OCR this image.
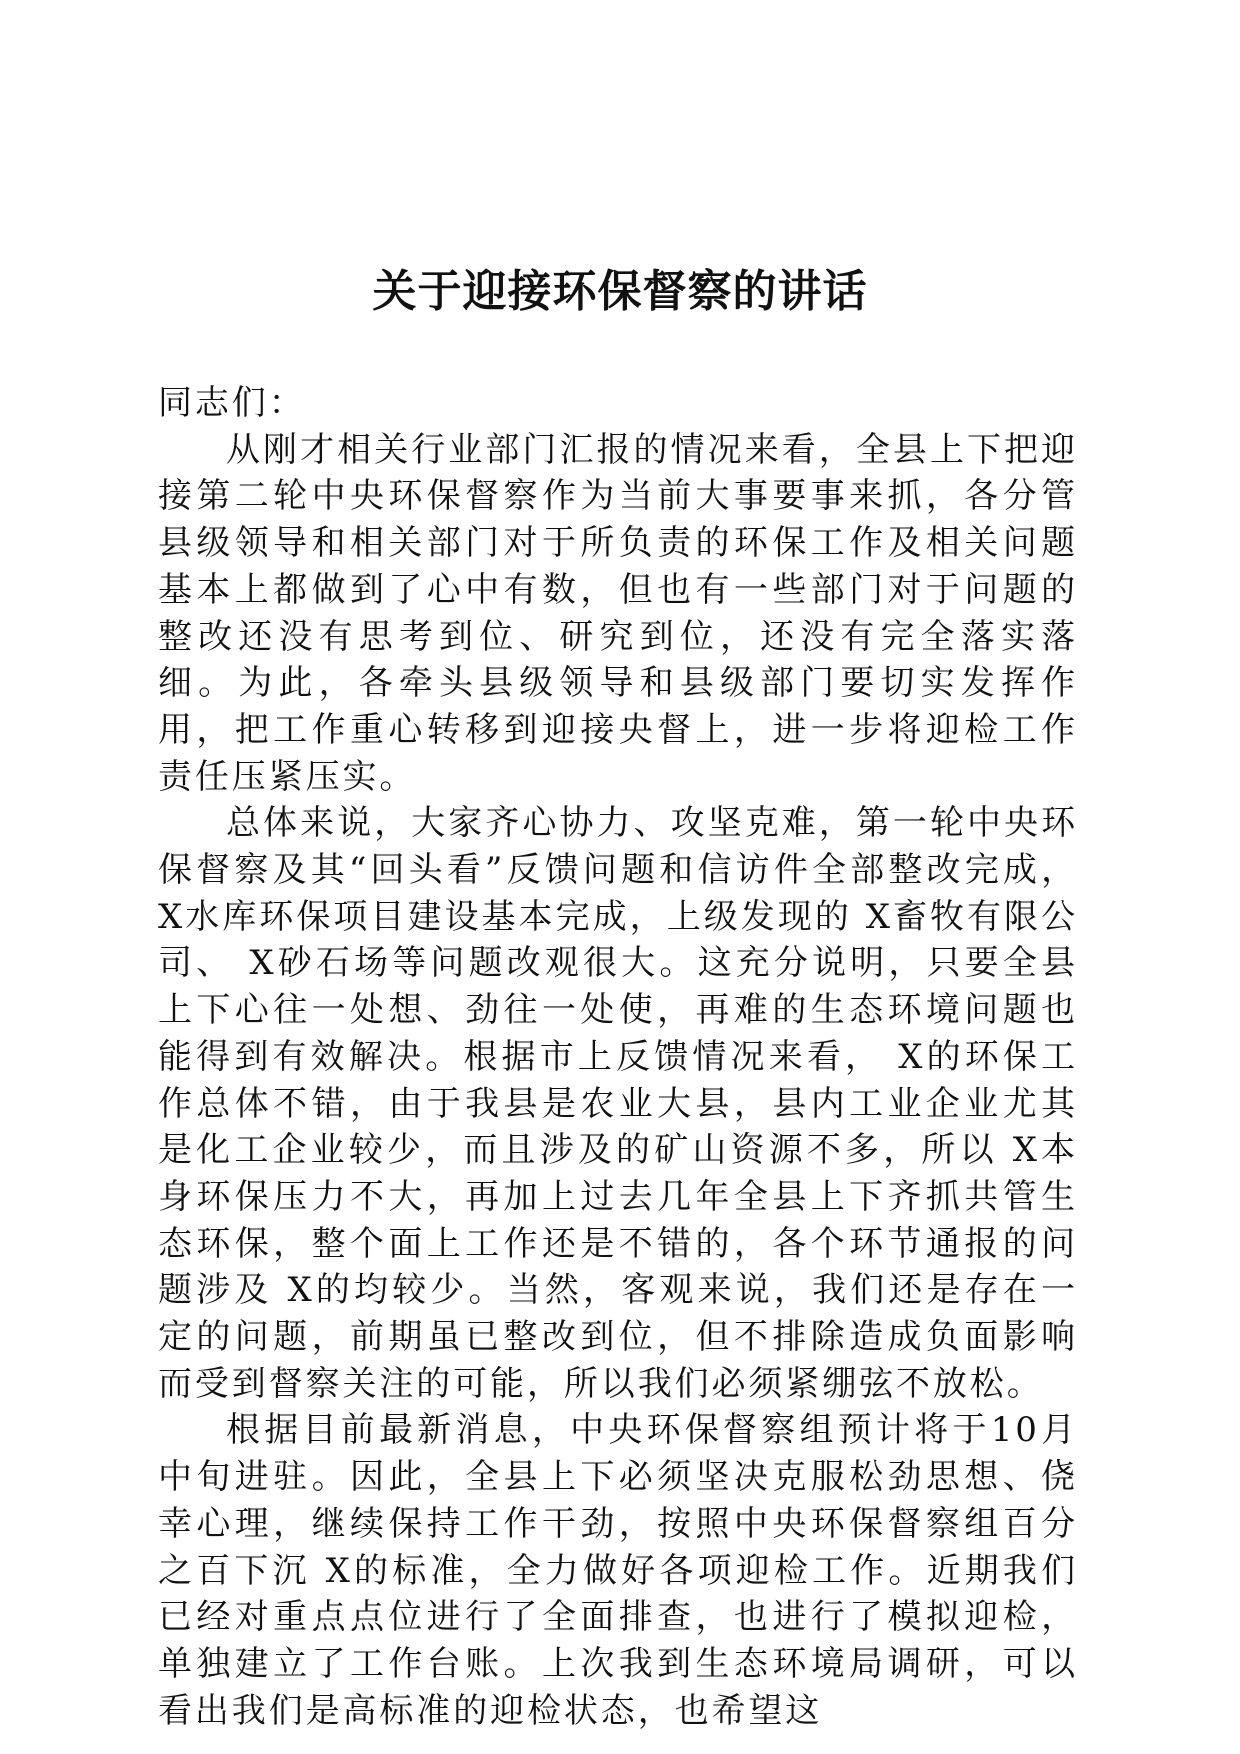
关于迎接环保督察的讲话

同志们：

从刚才相关行业部门汇报的情况来看，全县上下把迎接第二轮中央环保督察作为当前大事要事来抓，各分管县级领导和相关部门对于所负责的环保工作及相关问题基本上都做到了心中有数，但也有一些部门对于问题的整改还没有思考到位、研究到位，还没有完全落实落细。为此，各牵头县级领导和县级部门要切实发挥作用，把工作重心转移到迎接央督上，进一步将迎检工作责任压紧压实。

总体来说，大家齐心协力、攻坚克难，第一轮中央环保督察及其“回头看”反馈问题和信访件全部整改完成， X水库环保项目建设基本完成，上级发现的 X畜牧有限公司、 X砂石场等问题改观很大。这充分说明，只要全县上下心往一处想、劲往一处使，再难的生态环境问题也能得到有效解决。根据市上反馈情况来看， X的环保工作总体不错，由于我县是农业大县，县内工业企业尤其是化工企业较少，而且涉及的矿山资源不多，所以 X本身环保压力不大，再加上过去几年全县上下齐抓共管生态环保，整个面上工作还是不错的，各个环节通报的问题涉及 X的均较少。当然，客观来说，我们还是存在一定的问题，前期虽已整改到位，但不排除造成负面影响而受到督察关注的可能，所以我们必须紧绷弦不放松。

根据目前最新消息，中央环保督察组预计将于10月中旬进驻。因此，全县上下必须坚决克服松劲思想、侥幸心理，继续保持工作干劲，按照中央环保督察组百分之百下沉 X的标准，全力做好各项迎检工作。近期我们已经对重点点位进行了全面排查，也进行了模拟迎检，单独建立了工作台账。上次我到生态环境局调研，可以看出我们是高标准的迎检状态，也希望这
